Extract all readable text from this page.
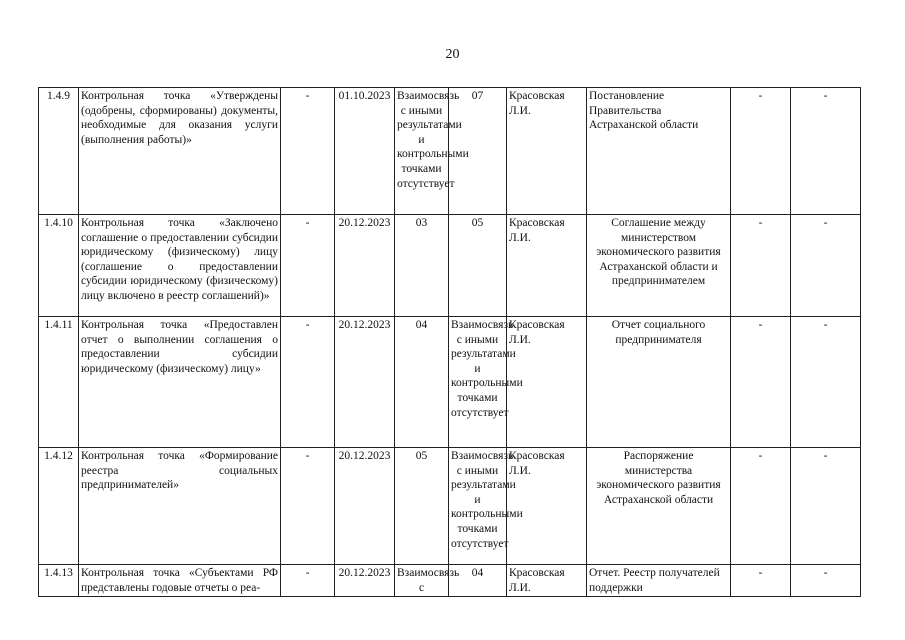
20
1.4.9	Контрольная точка «Утверждены (одобрены, сформированы) документы, необходимые для оказания услуги (выполнения работы)»	-	01.10.2023	Взаимосвязь с иными результатами и контрольными точками отсутствует	07	Красовская Л.И.	Постановление Правительства Астраханской области	-	-
1.4.10	Контрольная точка «Заключено соглашение о предоставлении субсидии юридическому (физическому) лицу (соглашение о предоставлении субсидии юридическому (физическому) лицу включено в реестр соглашений)»	-	20.12.2023	03	05	Красовская Л.И.	Соглашение между министерством экономического развития Астраханской области и предпринимателем	-	-
1.4.11	Контрольная точка «Предоставлен отчет о выполнении соглашения о предоставлении субсидии юридическому (физическому) лицу»	-	20.12.2023	04	Взаимосвязь с иными результатами и контрольными точками отсутствует	Красовская Л.И.	Отчет социального предпринимателя	-	-
1.4.12	Контрольная точка «Формирование реестра социальных предпринимателей»	-	20.12.2023	05	Взаимосвязь с иными результатами и контрольными точками отсутствует	Красовская Л.И.	Распоряжение министерства экономического развития Астраханской области	-	-
1.4.13	Контрольная точка «Субъектами РФ представлены годовые отчеты о реа-	-	20.12.2023	Взаимосвязь с	04	Красовская Л.И.	Отчет. Реестр получателей поддержки	-	-
